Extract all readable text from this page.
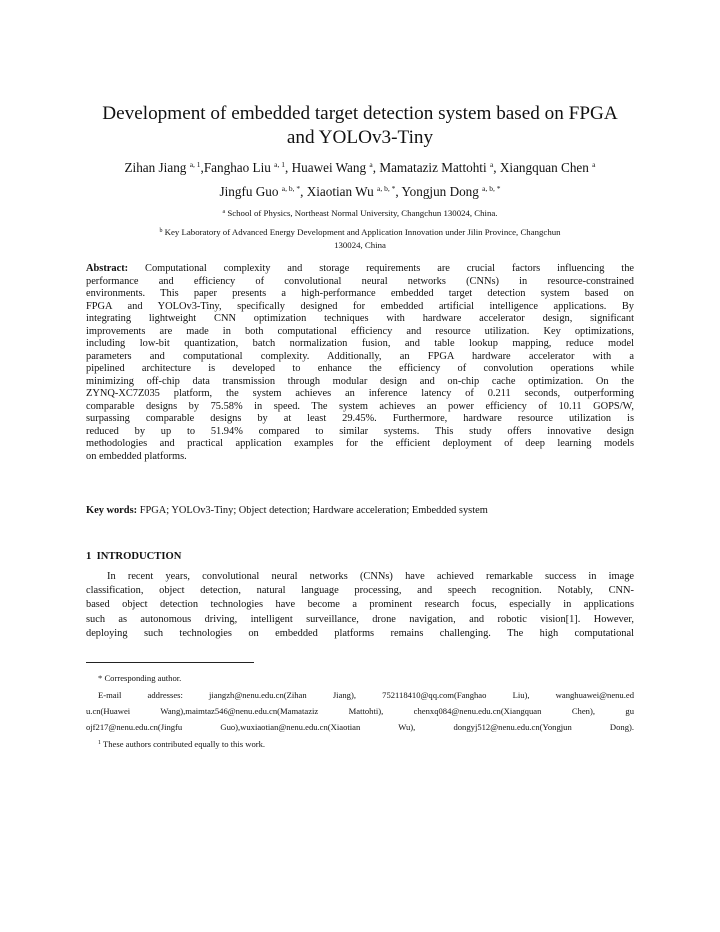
Development of embedded target detection system based on FPGA
and YOLOv3-Tiny
Zihan Jiang $^{a, 1}$,Fanghao Liu $^{a, 1}$, Huawei Wang $^a$, Mamataziz Mattohti $^a$, Xiangquan Chen $^a$
Jingfu Guo $^{a, b, *}$, Xiaotian Wu $^{a, b, *}$, Yongjun Dong $^{a, b, *}$
$^a$ School of Physics, Northeast Normal University, Changchun 130024, China.
$^b$ Key Laboratory of Advanced Energy Development and Application Innovation under Jilin Province, Changchun
130024, China
Abstract: Computational complexity and storage requirements are crucial factors influencing the
performance and efficiency of convolutional neural networks (CNNs) in resource-constrained
environments. This paper presents a high-performance embedded target detection system based on
FPGA and YOLOv3-Tiny, specifically designed for embedded artificial intelligence applications. By
integrating lightweight CNN optimization techniques with hardware accelerator design, significant
improvements are made in both computational efficiency and resource utilization. Key optimizations,
including low-bit quantization, batch normalization fusion, and table lookup mapping, reduce model
parameters and computational complexity. Additionally, an FPGA hardware accelerator with a
pipelined architecture is developed to enhance the efficiency of convolution operations while
minimizing off-chip data transmission through modular design and on-chip cache optimization. On the
ZYNQ-XC7Z035 platform, the system achieves an inference latency of 0.211 seconds, outperforming
comparable designs by 75.58% in speed. The system achieves an power efficiency of 10.11 GOPS/W,
surpassing comparable designs by at least 29.45%. Furthermore, hardware resource utilization is
reduced by up to 51.94% compared to similar systems. This study offers innovative design
methodologies and practical application examples for the efficient deployment of deep learning models
on embedded platforms.
Key words: FPGA; YOLOv3-Tiny; Object detection; Hardware acceleration; Embedded system
1 INTRODUCTION
In recent years, convolutional neural networks (CNNs) have achieved remarkable success in image
classification, object detection, natural language processing, and speech recognition. Notably, CNN-
based object detection technologies have become a prominent research focus, especially in applications
such as autonomous driving, intelligent surveillance, drone navigation, and robotic vision[1]. However,
deploying such technologies on embedded platforms remains challenging. The high computational
* Corresponding author.
E-mail addresses: jiangzh@nenu.edu.cn(Zihan Jiang), 752118410@qq.com(Fanghao Liu), wanghuawei@nenu.ed
u.cn(Huawei Wang),maimtaz546@nenu.edu.cn(Mamataziz Mattohti), chenxq084@nenu.edu.cn(Xiangquan Chen), gu
ojf217@nenu.edu.cn(Jingfu Guo),wuxiaotian@nenu.edu.cn(Xiaotian Wu), dongyj512@nenu.edu.cn(Yongjun Dong).
$^1$ These authors contributed equally to this work.
